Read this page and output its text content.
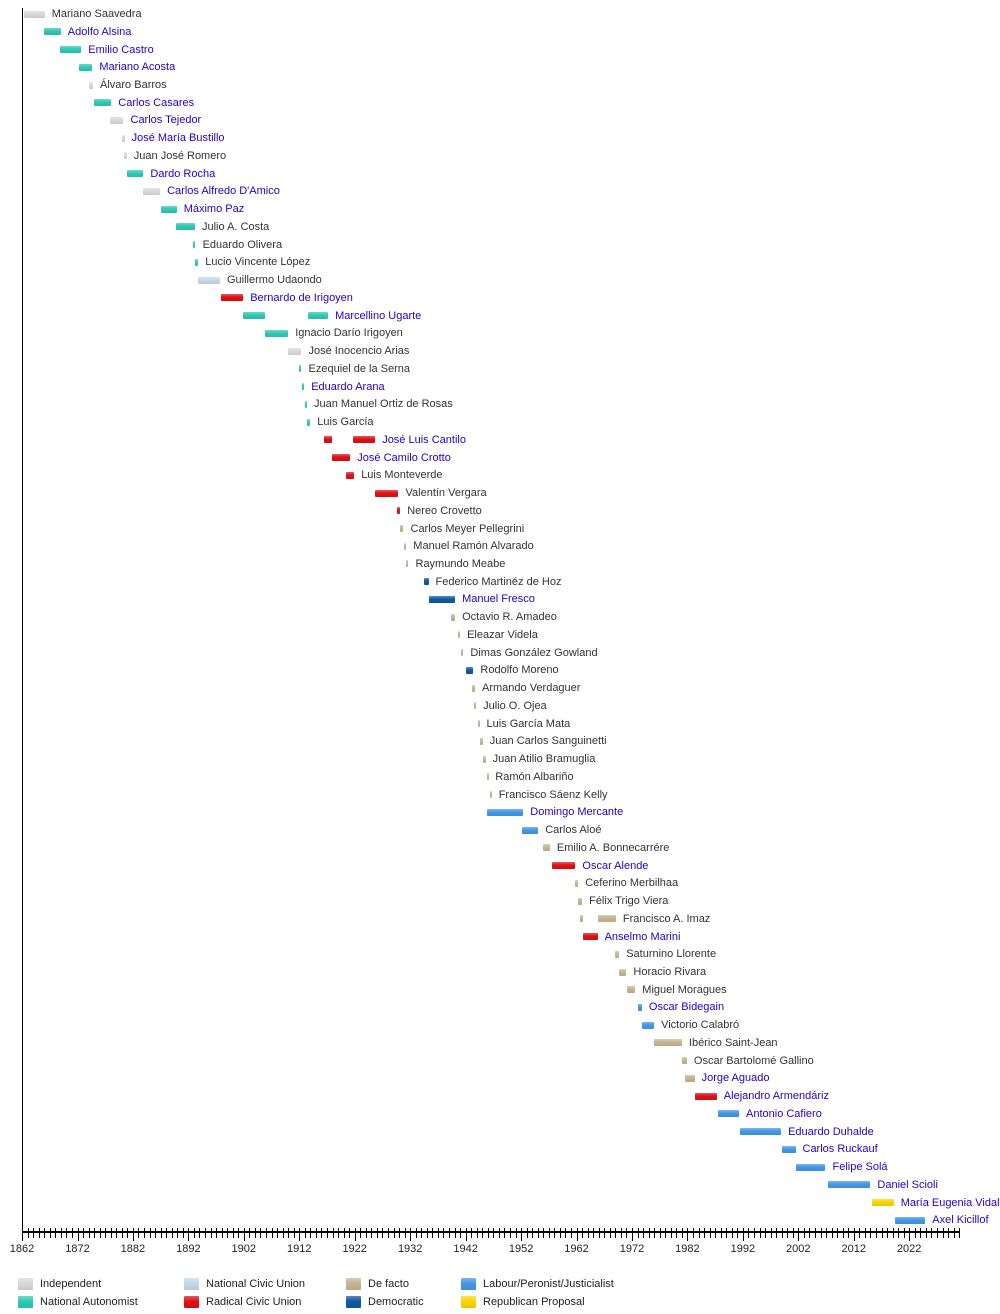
Mariano Saavedra
Adolfo Alsina
Emilio Castro
Mariano Acosta
Álvaro Barros
Carlos Casares
Carlos Tejedor
José María Bustillo
Juan José Romero
Dardo Rocha
Carlos Alfredo D'Amico
Máximo Paz
Julio A. Costa
Eduardo Olivera
Lucio Vincente López
Guillermo Udaondo
Bernardo de Irigoyen
Marcellino Ugarte
Ignacio Darío Irigoyen
José Inocencio Arias
Ezequiel de la Serna
Eduardo Arana
Juan Manuel Ortiz de Rosas
Luis García
José Luis Cantilo
José Camilo Crotto
Luis Monteverde
Valentín Vergara
Nereo Crovetto
Carlos Meyer Pellegrini
Manuel Ramón Alvarado
Raymundo Meabe
Federico Martinéz de Hoz
Manuel Fresco
Octavio R. Amadeo
Eleazar Videla
Dimas González Gowland
Rodolfo Moreno
Armando Verdaguer
Julio O. Ojea
Luis García Mata
Juan Carlos Sanguinetti
Juan Atilio Bramuglia
Ramón Albariño
Francisco Sáenz Kelly
Domingo Mercante
Carlos Aloé
Emilio A. Bonnecarrére
Oscar Alende
Ceferino Merbilhaa
Félix Trigo Viera
Francisco A. Imaz
Anselmo Marini
Saturnino Llorente
Horacio Rivara
Miguel Moragues
Oscar Bidegain
Victorio Calabró
Ibérico Saint-Jean
Oscar Bartolomé Gallino
Jorge Aguado
Alejandro Armendáriz
Antonio Cafiero
Eduardo Duhalde
Carlos Ruckauf
Felipe Solá
Daniel Scioli
María Eugenia Vidal
Axel Kicillof
1862	1872	1882	1892	1902	1912	1922	1932	1942	1952	1962	1972	1982	1992	2002	2012	2022
Independent	National Civic Union	De facto	Labour/Peronist/Justicialist
National Autonomist	Radical Civic Union	Democratic	Republican Proposal
